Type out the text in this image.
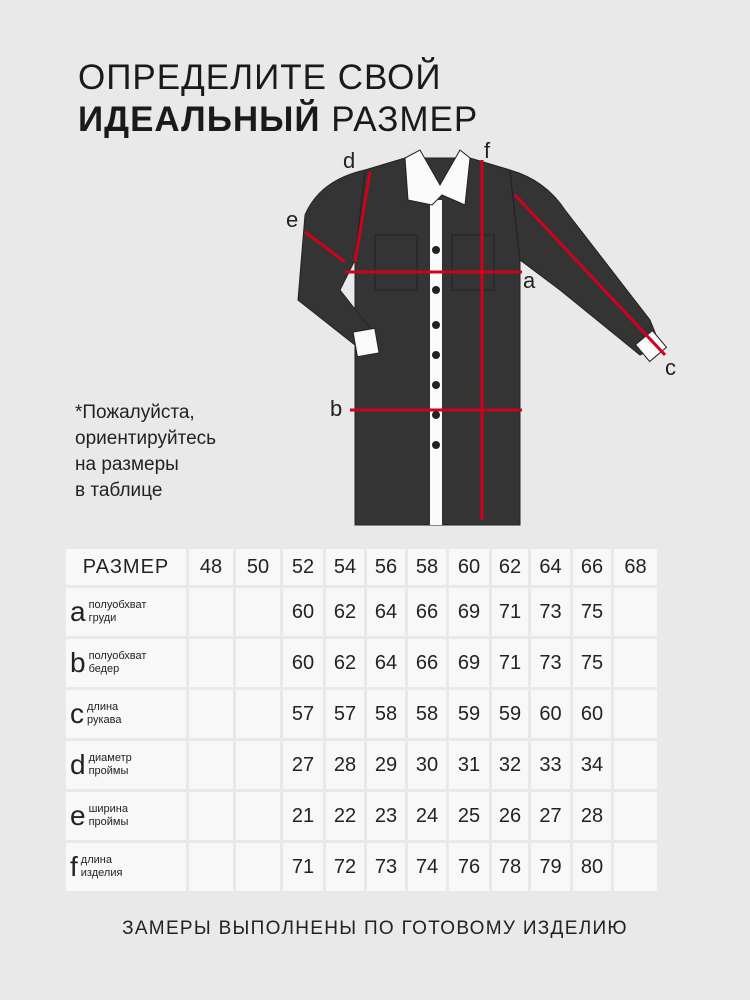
ОПРЕДЕЛИТЕ СВОЙ
ИДЕАЛЬНЫЙ РАЗМЕР
a
b
c
d
e
f
*Пожалуйста,
ориентируйтесь
на размеры
в таблице
РАЗМЕР	48	50	52	54	56	58	60	62	64	66	68
a полуобхват
груди			60	62	64	66	69	71	73	75	
b полуобхват
бедер			60	62	64	66	69	71	73	75	
c длина
рукава			57	57	58	58	59	59	60	60	
d диаметр
проймы			27	28	29	30	31	32	33	34	
e ширина
проймы			21	22	23	24	25	26	27	28	
f длина
изделия			71	72	73	74	76	78	79	80	
ЗАМЕРЫ ВЫПОЛНЕНЫ ПО ГОТОВОМУ ИЗДЕЛИЮ
